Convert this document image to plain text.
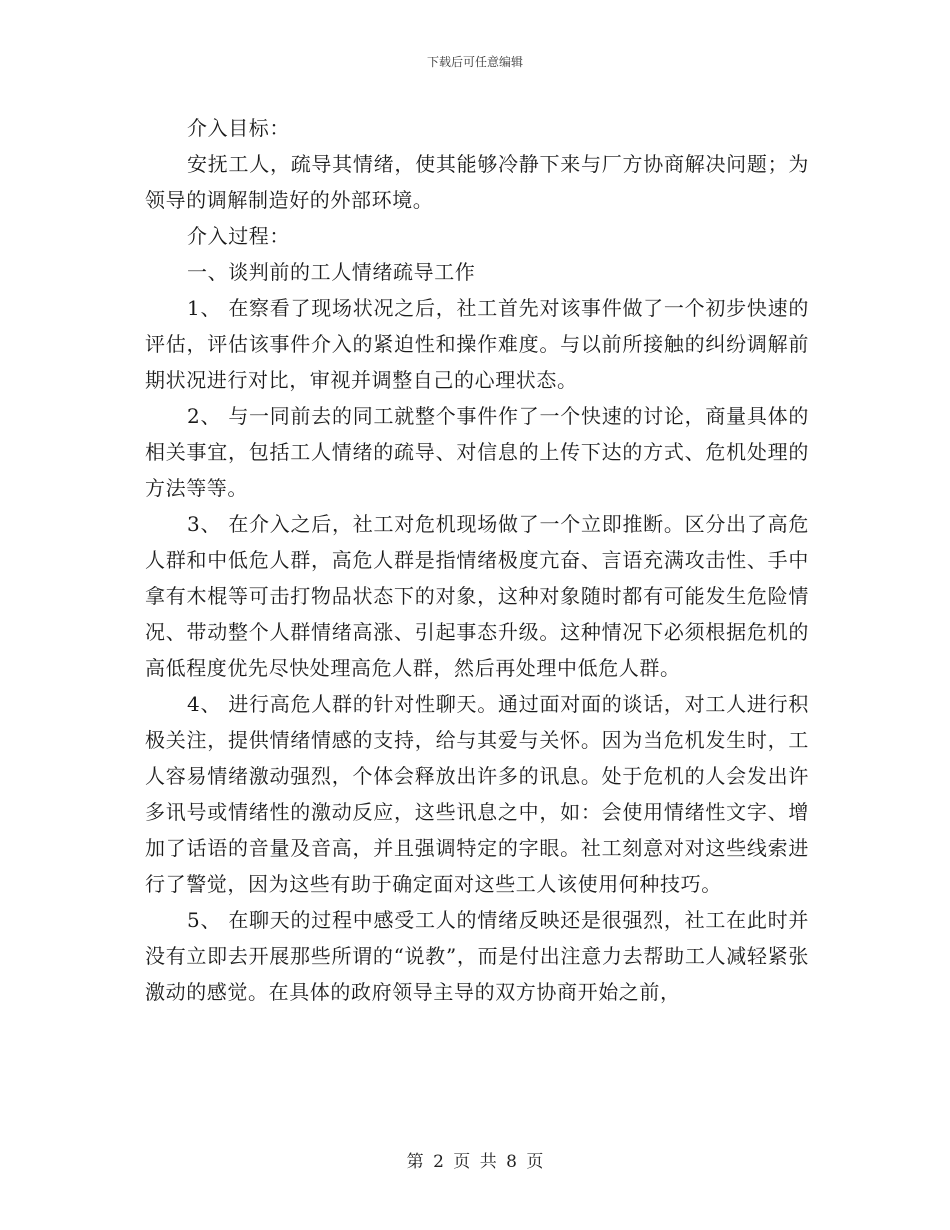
下载后可任意编辑

介入目标：

安抚工人，疏导其情绪，使其能够冷静下来与厂方协商解决问题；为领导的调解制造好的外部环境。

介入过程：

一、谈判前的工人情绪疏导工作

1、 在察看了现场状况之后，社工首先对该事件做了一个初步快速的评估，评估该事件介入的紧迫性和操作难度。与以前所接触的纠纷调解前期状况进行对比，审视并调整自己的心理状态。

2、 与一同前去的同工就整个事件作了一个快速的讨论，商量具体的相关事宜，包括工人情绪的疏导、对信息的上传下达的方式、危机处理的方法等等。

3、 在介入之后，社工对危机现场做了一个立即推断。区分出了高危人群和中低危人群，高危人群是指情绪极度亢奋、言语充满攻击性、手中拿有木棍等可击打物品状态下的对象，这种对象随时都有可能发生危险情况、带动整个人群情绪高涨、引起事态升级。这种情况下必须根据危机的高低程度优先尽快处理高危人群，然后再处理中低危人群。

4、 进行高危人群的针对性聊天。通过面对面的谈话，对工人进行积极关注，提供情绪情感的支持，给与其爱与关怀。因为当危机发生时，工人容易情绪激动强烈，个体会释放出许多的讯息。处于危机的人会发出许多讯号或情绪性的激动反应，这些讯息之中，如：会使用情绪性文字、增加了话语的音量及音高，并且强调特定的字眼。社工刻意对对这些线索进行了警觉，因为这些有助于确定面对这些工人该使用何种技巧。

5、 在聊天的过程中感受工人的情绪反映还是很强烈，社工在此时并没有立即去开展那些所谓的“说教”，而是付出注意力去帮助工人减轻紧张激动的感觉。在具体的政府领导主导的双方协商开始之前，

第 2 页 共 8 页
